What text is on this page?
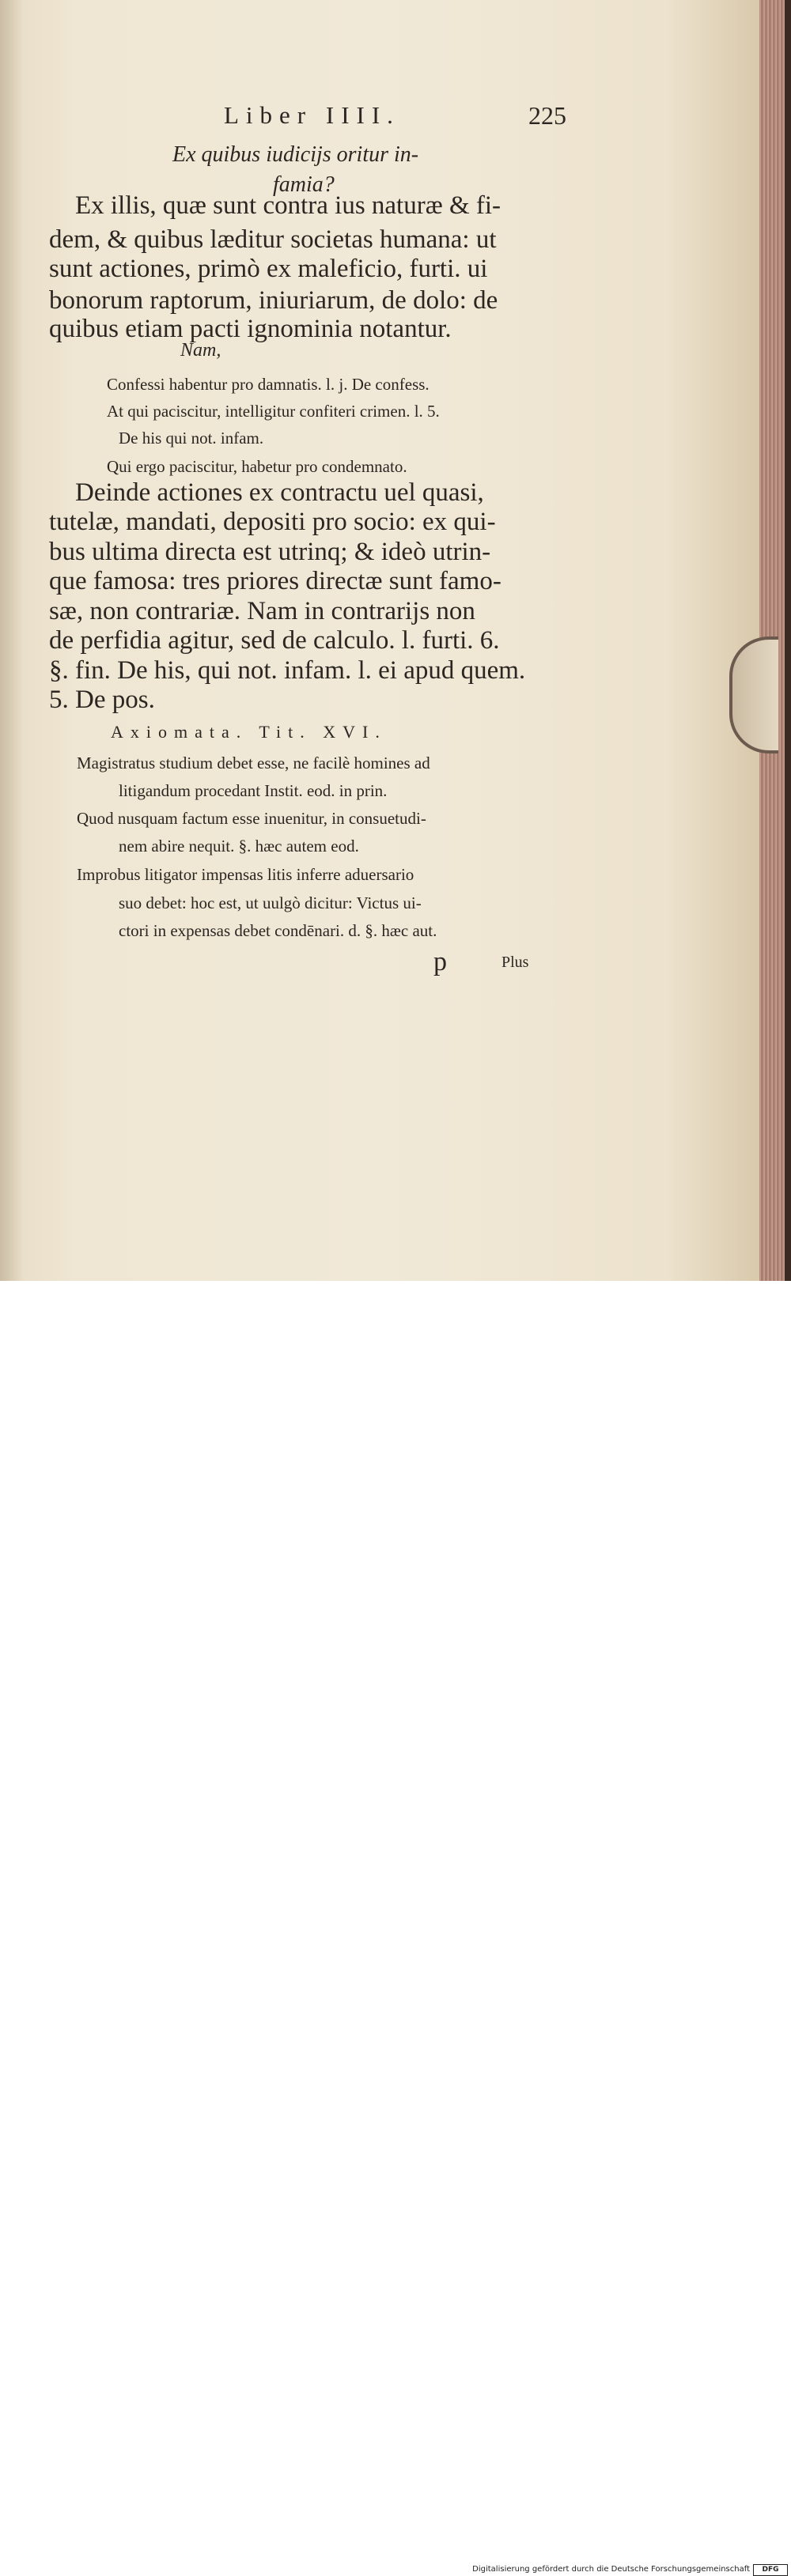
Liber IIII.	225
Ex quibus iudicijs oritur in-
famia?
Ex illis, quæ sunt contra ius naturæ & fi-
dem, & quibus læditur societas humana: ut
sunt actiones, primò ex maleficio, furti. ui
bonorum raptorum, iniuriarum, de dolo: de
quibus etiam pacti ignominia notantur.
Nam,
Confessi habentur pro damnatis. l. j. De confess.
At qui paciscitur, intelligitur confiteri crimen. l. 5.
De his qui not. infam.
Qui ergo paciscitur, habetur pro condemnato.
Deinde actiones ex contractu uel quasi,
tutelæ, mandati, depositi pro socio: ex qui-
bus ultima directa est utrinq; & ideò utrin-
que famosa: tres priores directæ sunt famo-
sæ, non contrariæ. Nam in contrarijs non
de perfidia agitur, sed de calculo. l. furti. 6.
§. fin. De his, qui not. infam. l. ei apud quem.
5. De pos.
Axiomata. Tit. XVI.
Magistratus studium debet esse, ne facilè homines ad
litigandum procedant Instit. eod. in prin.
Quod nusquam factum esse inuenitur, in consuetudi-
nem abire nequit. §. hæc autem eod.
Improbus litigator impensas litis inferre aduersario
suo debet: hoc est, ut uulgò dicitur: Victus ui-
ctori in expensas debet condēnari. d. §. hæc aut.
p	Plus
Digitalisierung gefördert durch die Deutsche Forschungsgemeinschaft	DFG
